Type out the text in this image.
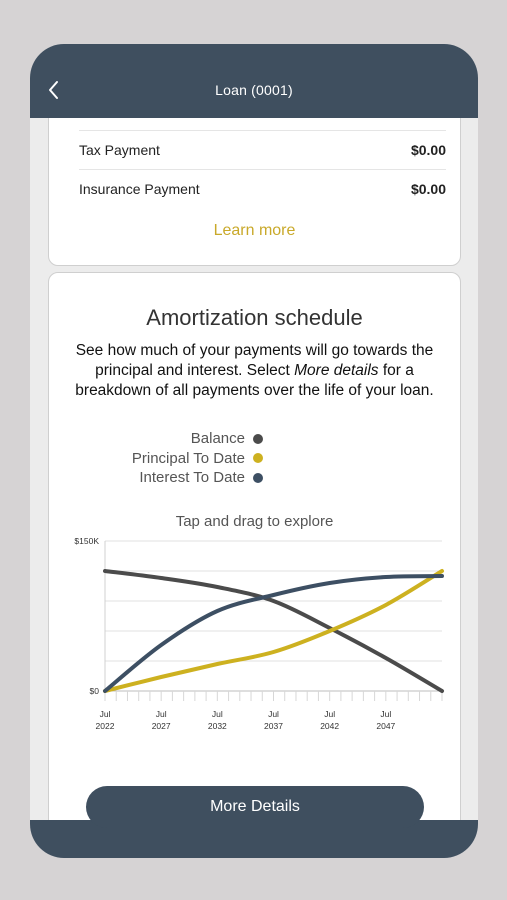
Loan (0001)
Tax Payment	$0.00
Insurance Payment	$0.00
Learn more
Amortization schedule
See how much of your payments will go towards the principal and interest. Select More details for a breakdown of all payments over the life of your loan.
Balance
Principal To Date
Interest To Date
Tap and drag to explore
$150K
$0
Jul
2022
Jul
2027
Jul
2032
Jul
2037
Jul
2042
Jul
2047
More Details
